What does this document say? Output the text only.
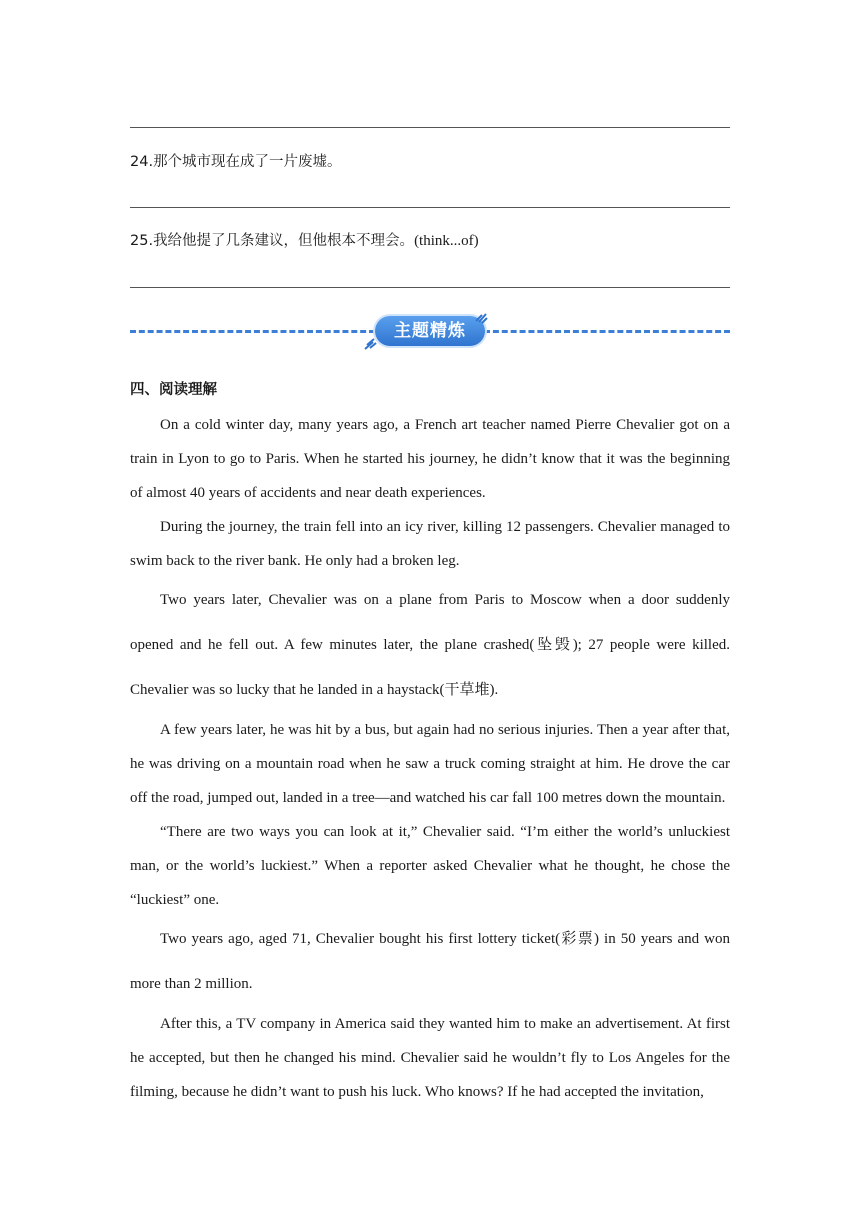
24.那个城市现在成了一片废墟。
25.我给他提了几条建议，但他根本不理会。(think...of)
主题精炼
四、阅读理解

On a cold winter day, many years ago, a French art teacher named Pierre Chevalier got on a train in Lyon to go to Paris. When he started his journey, he didn’t know that it was the beginning of almost 40 years of accidents and near death experiences.

During the journey, the train fell into an icy river, killing 12 passengers. Chevalier managed to swim back to the river bank. He only had a broken leg.

Two years later, Chevalier was on a plane from Paris to Moscow when a door suddenly opened and he fell out. A few minutes later, the plane crashed(坠毁); 27 people were killed. Chevalier was so lucky that he landed in a haystack(干草堆).

A few years later, he was hit by a bus, but again had no serious injuries. Then a year after that, he was driving on a mountain road when he saw a truck coming straight at him. He drove the car off the road, jumped out, landed in a tree—and watched his car fall 100 metres down the mountain.

“There are two ways you can look at it,” Chevalier said. “I’m either the world’s unluckiest man, or the world’s luckiest.” When a reporter asked Chevalier what he thought, he chose the “luckiest” one.

Two years ago, aged 71, Chevalier bought his first lottery ticket(彩票) in 50 years and won more than 2 million.

After this, a TV company in America said they wanted him to make an advertisement. At first he accepted, but then he changed his mind. Chevalier said he wouldn’t fly to Los Angeles for the filming, because he didn’t want to push his luck. Who knows? If he had accepted the invitation,
